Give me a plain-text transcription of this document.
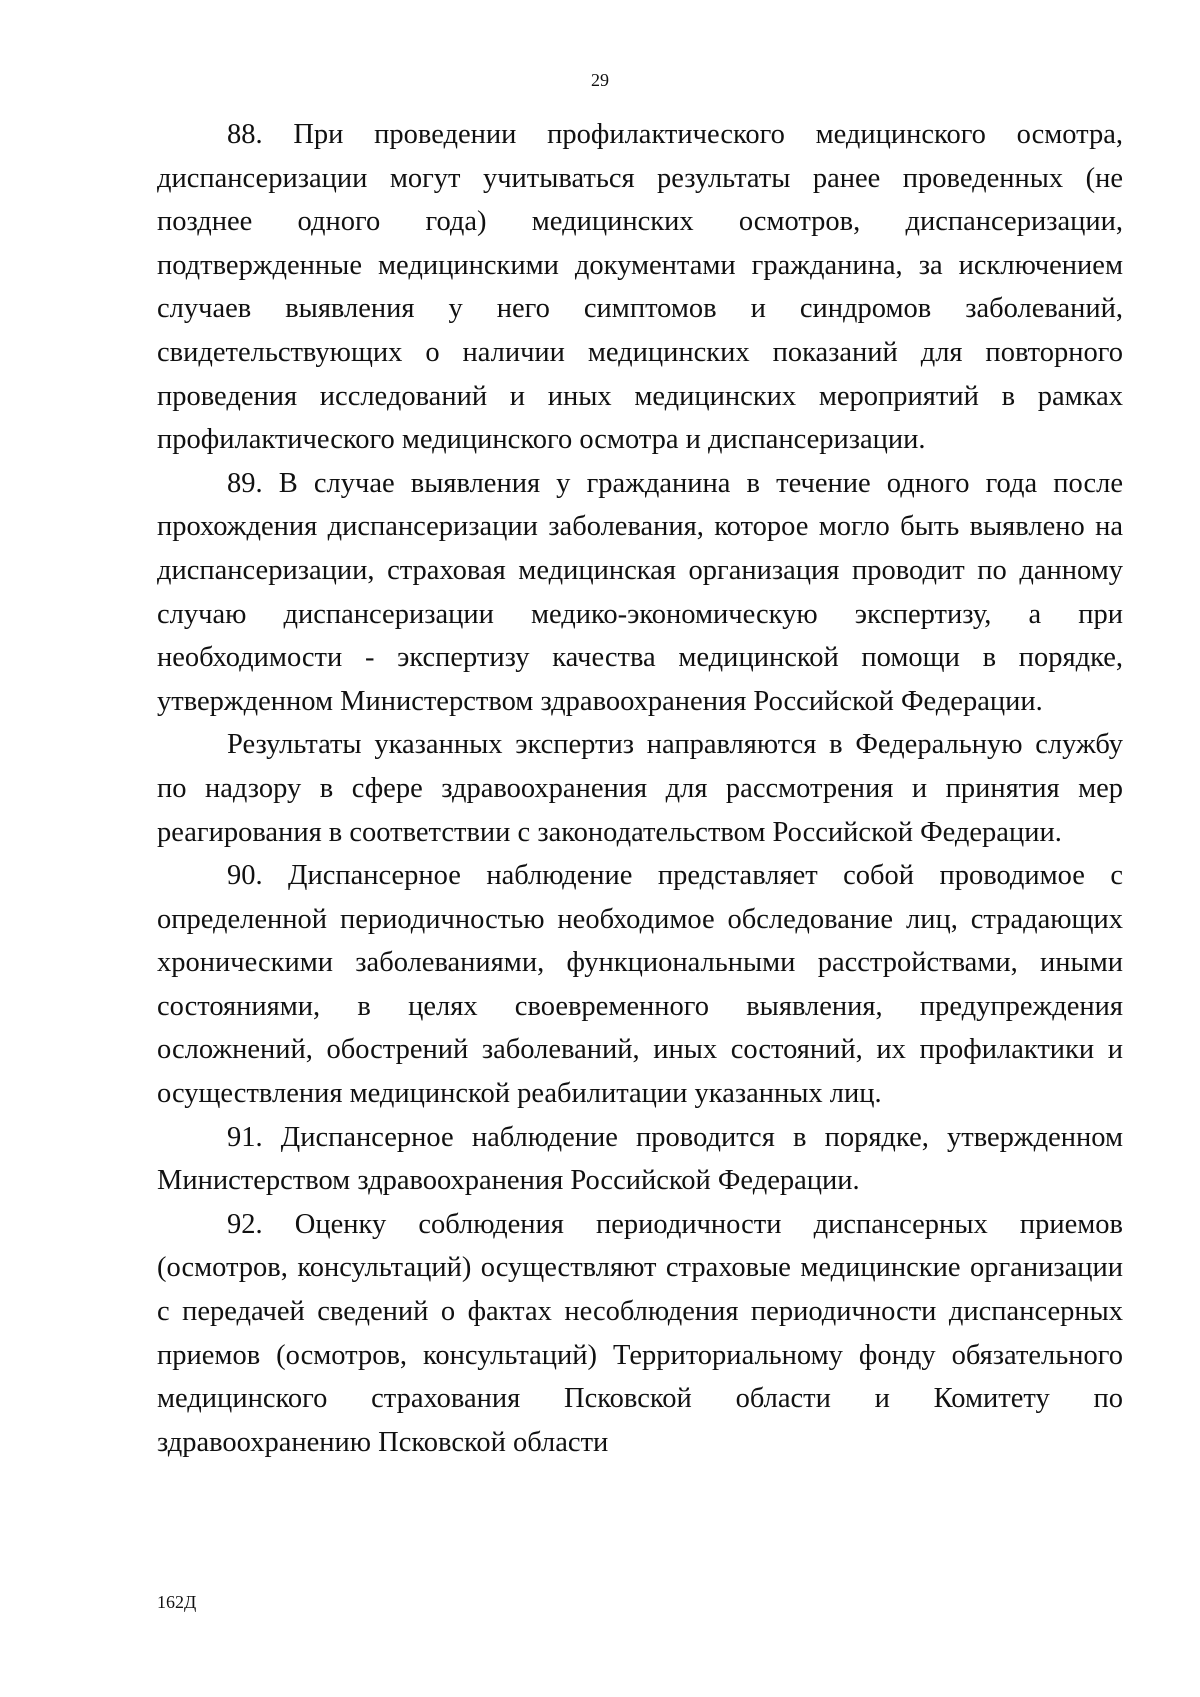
29

88. При проведении профилактического медицинского осмотра, диспансеризации могут учитываться результаты ранее проведенных (не позднее одного года) медицинских осмотров, диспансеризации, подтвержденные медицинскими документами гражданина, за исключением случаев выявления у него симптомов и синдромов заболеваний, свидетельствующих о наличии медицинских показаний для повторного проведения исследований и иных медицинских мероприятий в рамках профилактического медицинского осмотра и диспансеризации.

89. В случае выявления у гражданина в течение одного года после прохождения диспансеризации заболевания, которое могло быть выявлено на диспансеризации, страховая медицинская организация проводит по данному случаю диспансеризации медико-экономическую экспертизу, а при необходимости - экспертизу качества медицинской помощи в порядке, утвержденном Министерством здравоохранения Российской Федерации.

Результаты указанных экспертиз направляются в Федеральную службу по надзору в сфере здравоохранения для рассмотрения и принятия мер реагирования в соответствии с законодательством Российской Федерации.

90. Диспансерное наблюдение представляет собой проводимое с определенной периодичностью необходимое обследование лиц, страдающих хроническими заболеваниями, функциональными расстройствами, иными состояниями, в целях своевременного выявления, предупреждения осложнений, обострений заболеваний, иных состояний, их профилактики и осуществления медицинской реабилитации указанных лиц.

91. Диспансерное наблюдение проводится в порядке, утвержденном Министерством здравоохранения Российской Федерации.

92. Оценку соблюдения периодичности диспансерных приемов (осмотров, консультаций) осуществляют страховые медицинские организации с передачей сведений о фактах несоблюдения периодичности диспансерных приемов (осмотров, консультаций) Территориальному фонду обязательного медицинского страхования Псковской области и Комитету по здравоохранению Псковской области

162Д
